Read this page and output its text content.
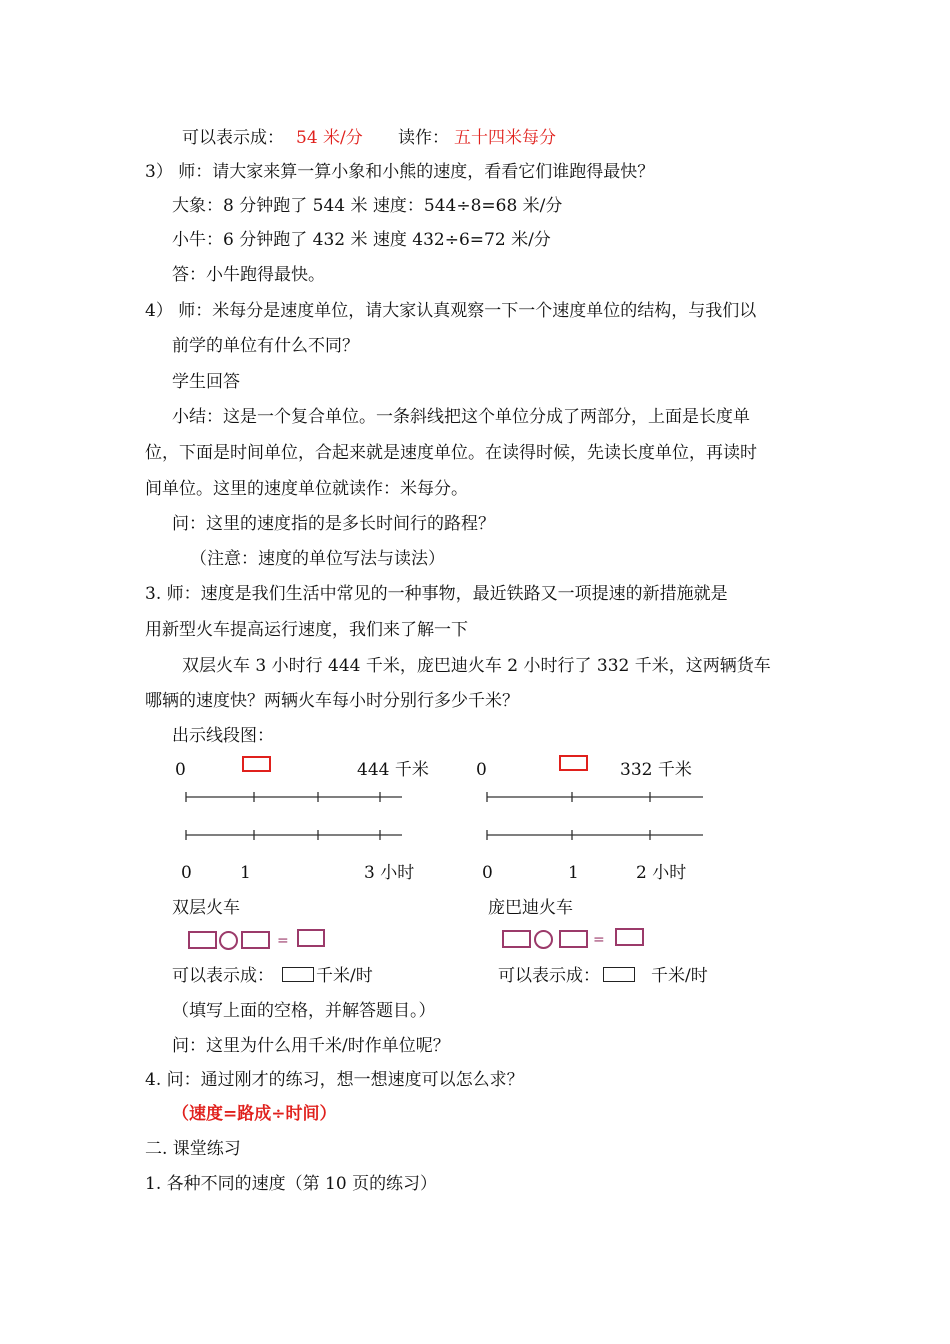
可以表示成： 54 米/分 读作： 五十四米每分
3） 师：请大家来算一算小象和小熊的速度，看看它们谁跑得最快？
大象：8 分钟跑了 544 米 速度：544÷8=68 米/分
小牛：6 分钟跑了 432 米 速度 432÷6=72 米/分
答：小牛跑得最快。
4） 师：米每分是速度单位，请大家认真观察一下一个速度单位的结构，与我们以
前学的单位有什么不同？
学生回答
小结：这是一个复合单位。一条斜线把这个单位分成了两部分，上面是长度单
位，下面是时间单位，合起来就是速度单位。在读得时候，先读长度单位，再读时
间单位。这里的速度单位就读作：米每分。
问：这里的速度指的是多长时间行的路程？
（注意：速度的单位写法与读法）
3. 师：速度是我们生活中常见的一种事物，最近铁路又一项提速的新措施就是
用新型火车提高运行速度，我们来了解一下
双层火车 3 小时行 444 千米，庞巴迪火车 2 小时行了 332 千米，这两辆货车
哪辆的速度快？两辆火车每小时分别行多少千米？
出示线段图：
0	444 千米
0	1	3 小时
双层火车
=
可以表示成： 千米/时
0	332 千米
0	1	2 小时
庞巴迪火车
=
可以表示成：	千米/时
（填写上面的空格，并解答题目。）
问：这里为什么用千米/时作单位呢？
4. 问：通过刚才的练习，想一想速度可以怎么求？
（速度=路成÷时间）
二. 课堂练习
1. 各种不同的速度（第 10 页的练习）
